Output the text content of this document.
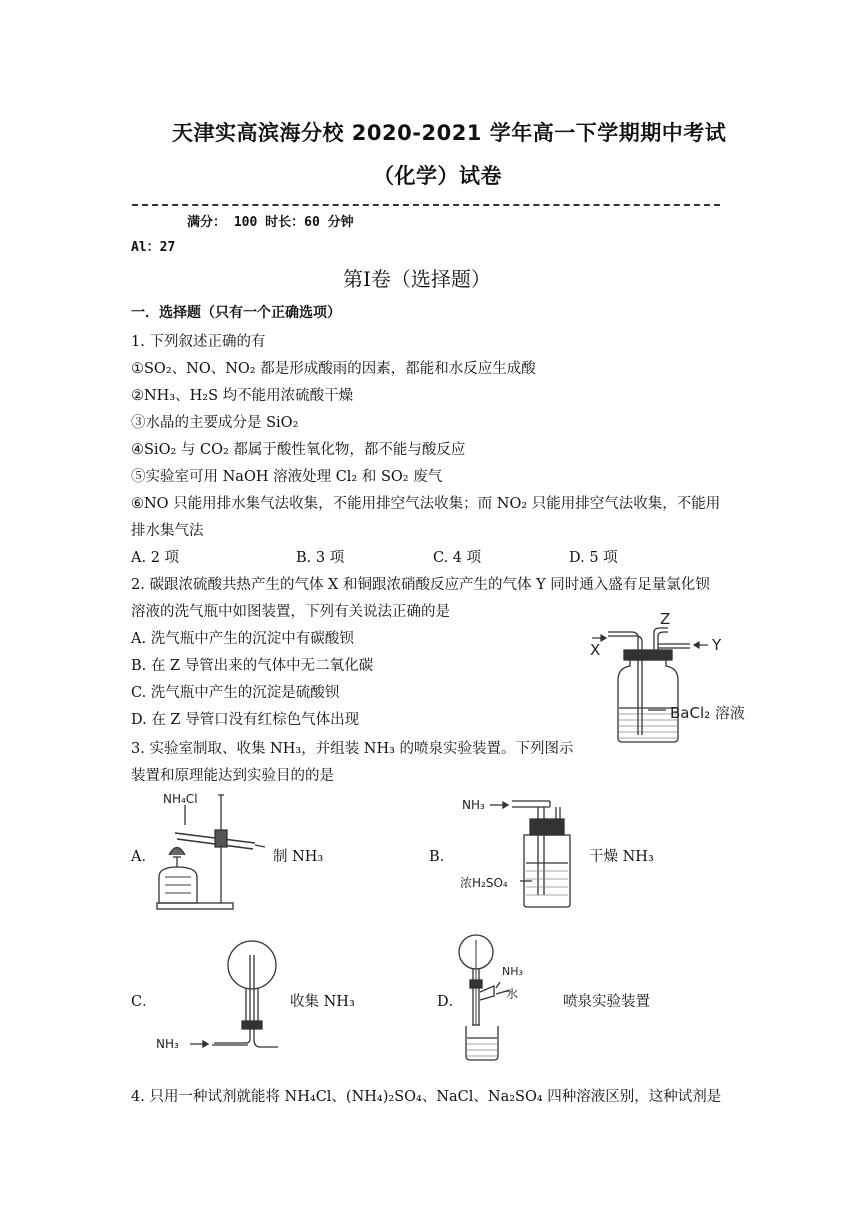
天津实高滨海分校 2020-2021 学年高一下学期期中考试
（化学）试卷
满分： 100 时长：60 分钟
Al：27
第Ⅰ卷（选择题）
一．选择题（只有一个正确选项）
1. 下列叙述正确的有
①SO₂、NO、NO₂ 都是形成酸雨的因素，都能和水反应生成酸
②NH₃、H₂S 均不能用浓硫酸干燥
③水晶的主要成分是 SiO₂
④SiO₂ 与 CO₂ 都属于酸性氧化物，都不能与酸反应
⑤实验室可用 NaOH 溶液处理 Cl₂ 和 SO₂ 废气
⑥NO 只能用排水集气法收集，不能用排空气法收集；而 NO₂ 只能用排空气法收集，不能用
排水集气法
A. 2 项	B. 3 项	C. 4 项	D. 5 项
2. 碳跟浓硫酸共热产生的气体 X 和铜跟浓硝酸反应产生的气体 Y 同时通入盛有足量氯化钡
溶液的洗气瓶中如图装置，下列有关说法正确的是
A. 洗气瓶中产生的沉淀中有碳酸钡
B. 在 Z 导管出来的气体中无二氧化碳
C. 洗气瓶中产生的沉淀是硫酸钡
D. 在 Z 导管口没有红棕色气体出现
X
Z
Y
BaCl₂ 溶液
3. 实验室制取、收集 NH₃，并组装 NH₃ 的喷泉实验装置。下列图示
装置和原理能达到实验目的的是
A．
NH₄Cl
制 NH₃	B．
NH₃
浓H₂SO₄
干燥 NH₃
C．
NH₃
收集 NH₃	D．
NH₃
水	喷泉实验装置
4. 只用一种试剂就能将 NH₄Cl、(NH₄)₂SO₄、NaCl、Na₂SO₄ 四种溶液区别，这种试剂是
